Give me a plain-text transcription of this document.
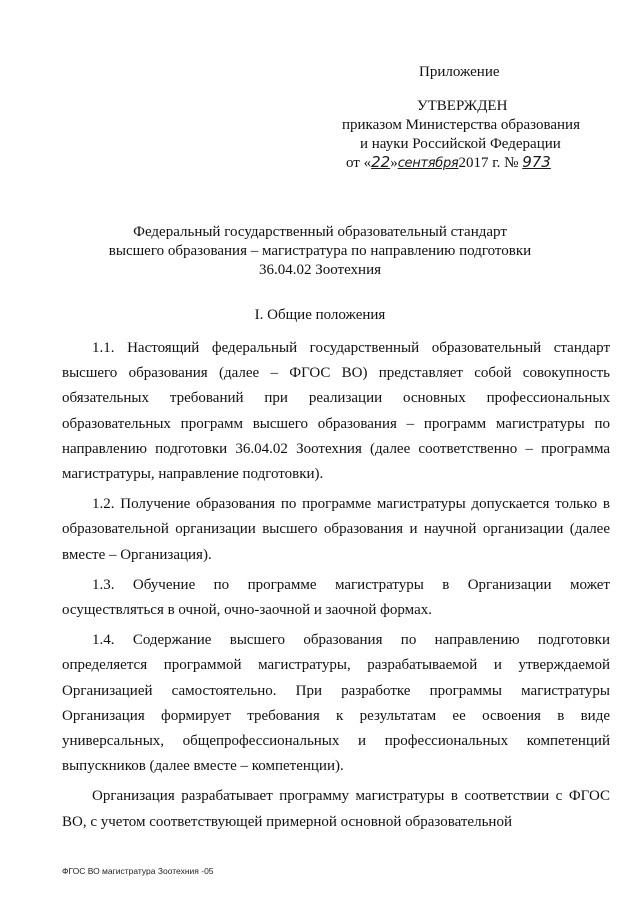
Приложение
УТВЕРЖДЕН
приказом Министерства образования
и науки Российской Федерации
от «22»сентября2017 г. № 973
Федеральный государственный образовательный стандарт
высшего образования – магистратура по направлению подготовки
36.04.02 Зоотехния
I. Общие положения

1.1. Настоящий федеральный государственный образовательный стандарт высшего образования (далее – ФГОС ВО) представляет собой совокупность обязательных требований при реализации основных профессиональных образовательных программ высшего образования – программ магистратуры по направлению подготовки 36.04.02 Зоотехния (далее соответственно – программа магистратуры, направление подготовки).

1.2. Получение образования по программе магистратуры допускается только в образовательной организации высшего образования и научной организации (далее вместе – Организация).

1.3. Обучение по программе магистратуры в Организации может осуществляться в очной, очно-заочной и заочной формах.

1.4. Содержание высшего образования по направлению подготовки определяется программой магистратуры, разрабатываемой и утверждаемой Организацией самостоятельно. При разработке программы магистратуры Организация формирует требования к результатам ее освоения в виде универсальных, общепрофессиональных и профессиональных компетенций выпускников (далее вместе – компетенции).

Организация разрабатывает программу магистратуры в соответствии с ФГОС ВО, с учетом соответствующей примерной основной образовательной

ФГОС ВО магистратура Зоотехния -05
